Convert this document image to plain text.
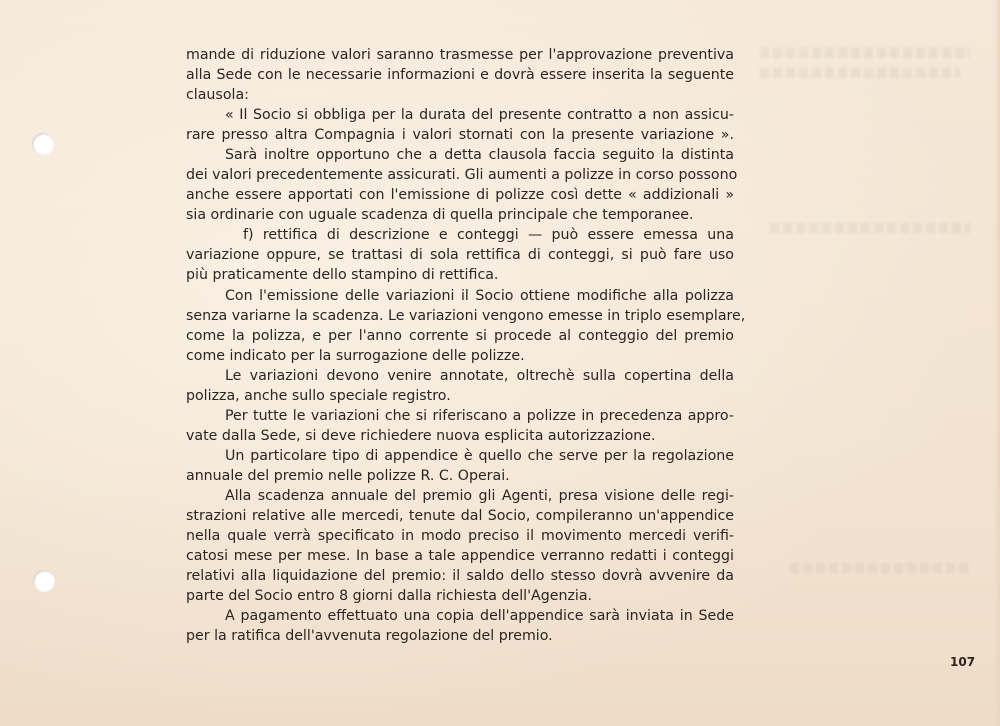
mande di riduzione valori saranno trasmesse per l'approvazione preventiva
alla Sede con le necessarie informazioni e dovrà essere inserita la seguente
clausola:
« Il Socio si obbliga per la durata del presente contratto a non assicu-
rare presso altra Compagnia i valori stornati con la presente variazione ».
Sarà inoltre opportuno che a detta clausola faccia seguito la distinta
dei valori precedentemente assicurati. Gli aumenti a polizze in corso possono
anche essere apportati con l'emissione di polizze così dette « addizionali »
sia ordinarie con uguale scadenza di quella principale che temporanee.
f) rettifica di descrizione e conteggi — può essere emessa una
variazione oppure, se trattasi di sola rettifica di conteggi, si può fare uso
più praticamente dello stampino di rettifica.
Con l'emissione delle variazioni il Socio ottiene modifiche alla polizza
senza variarne la scadenza. Le variazioni vengono emesse in triplo esemplare,
come la polizza, e per l'anno corrente si procede al conteggio del premio
come indicato per la surrogazione delle polizze.
Le variazioni devono venire annotate, oltrechè sulla copertina della
polizza, anche sullo speciale registro.
Per tutte le variazioni che si riferiscano a polizze in precedenza appro-
vate dalla Sede, si deve richiedere nuova esplicita autorizzazione.
Un particolare tipo di appendice è quello che serve per la regolazione
annuale del premio nelle polizze R. C. Operai.
Alla scadenza annuale del premio gli Agenti, presa visione delle regi-
strazioni relative alle mercedi, tenute dal Socio, compileranno un'appendice
nella quale verrà specificato in modo preciso il movimento mercedi verifi-
catosi mese per mese. In base a tale appendice verranno redatti i conteggi
relativi alla liquidazione del premio: il saldo dello stesso dovrà avvenire da
parte del Socio entro 8 giorni dalla richiesta dell'Agenzia.
A pagamento effettuato una copia dell'appendice sarà inviata in Sede
per la ratifica dell'avvenuta regolazione del premio.
107
